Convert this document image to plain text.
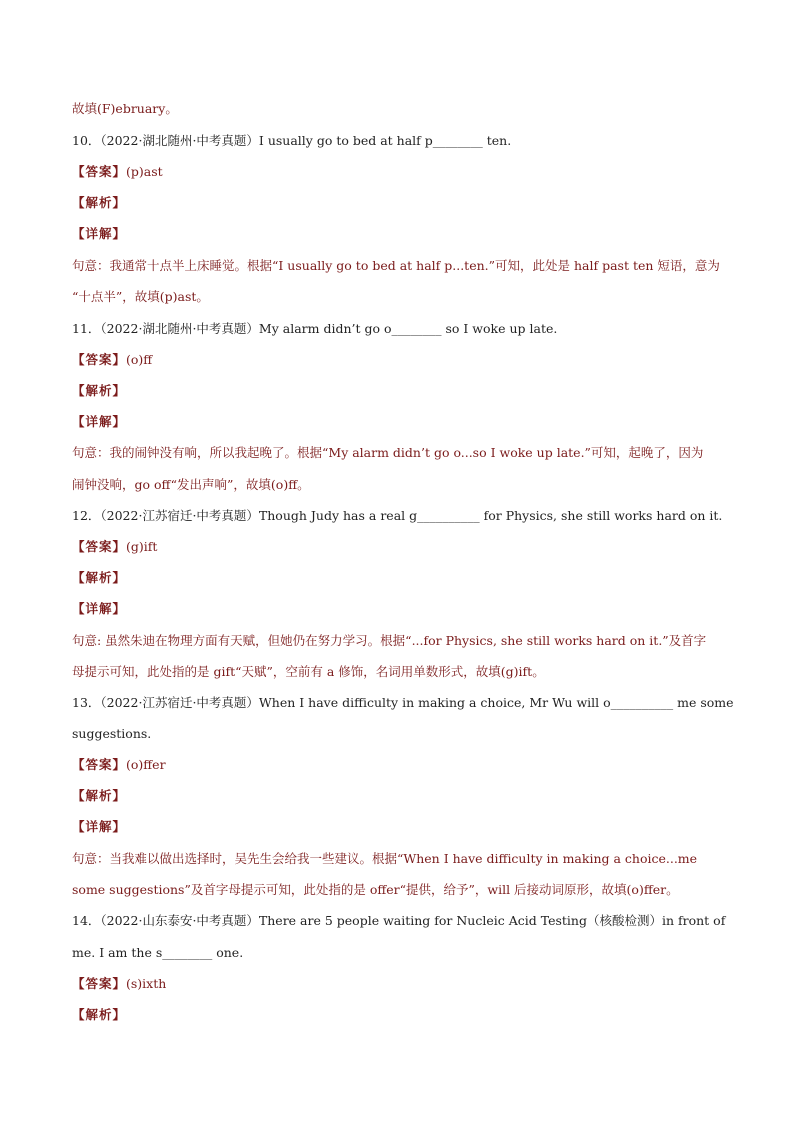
故填(F)ebruary。
10．（2022·湖北随州·中考真题）I usually go to bed at half p________ ten.
【答案】(p)ast
【解析】
【详解】
句意：我通常十点半上床睡觉。根据“I usually go to bed at half p...ten.”可知，此处是 half past ten 短语，意为
“十点半”，故填(p)ast。
11．（2022·湖北随州·中考真题）My alarm didn’t go o________ so I woke up late.
【答案】(o)ff
【解析】
【详解】
句意：我的闹钟没有响，所以我起晚了。根据“My alarm didn’t go o...so I woke up late.”可知，起晚了，因为
闹钟没响，go off“发出声响”，故填(o)ff。
12．（2022·江苏宿迁·中考真题）Though Judy has a real g__________ for Physics, she still works hard on it.
【答案】(g)ift
【解析】
【详解】
句意: 虽然朱迪在物理方面有天赋，但她仍在努力学习。根据“...for Physics, she still works hard on it.”及首字
母提示可知，此处指的是 gift“天赋”，空前有 a 修饰，名词用单数形式，故填(g)ift。
13．（2022·江苏宿迁·中考真题）When I have difficulty in making a choice, Mr Wu will o__________ me some
suggestions.
【答案】(o)ffer
【解析】
【详解】
句意：当我难以做出选择时，吴先生会给我一些建议。根据“When I have difficulty in making a choice...me
some suggestions”及首字母提示可知，此处指的是 offer“提供，给予”，will 后接动词原形，故填(o)ffer。
14．（2022·山东泰安·中考真题）There are 5 people waiting for Nucleic Acid Testing（核酸检测）in front of
me. I am the s________ one.
【答案】(s)ixth
【解析】
